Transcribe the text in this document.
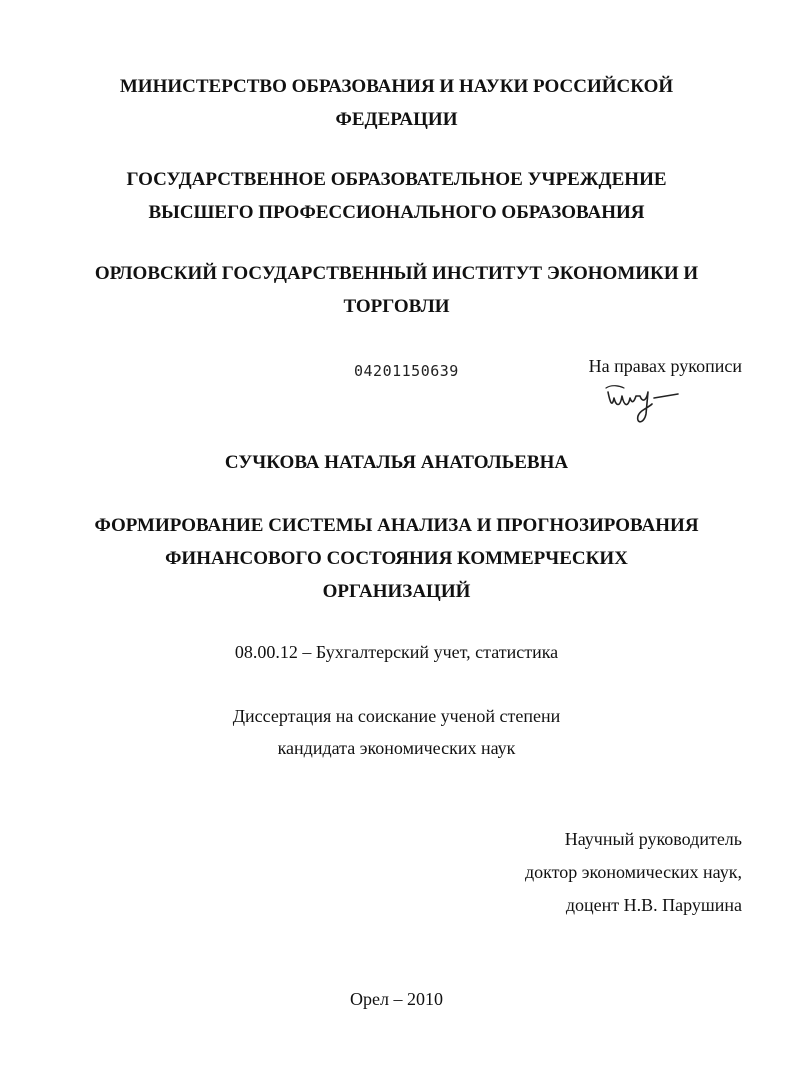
МИНИСТЕРСТВО ОБРАЗОВАНИЯ И НАУКИ РОССИЙСКОЙ
ФЕДЕРАЦИИ
ГОСУДАРСТВЕННОЕ ОБРАЗОВАТЕЛЬНОЕ УЧРЕЖДЕНИЕ
ВЫСШЕГО ПРОФЕССИОНАЛЬНОГО ОБРАЗОВАНИЯ
ОРЛОВСКИЙ ГОСУДАРСТВЕННЫЙ ИНСТИТУТ ЭКОНОМИКИ И
ТОРГОВЛИ
04201150639	На правах рукописи
СУЧКОВА НАТАЛЬЯ АНАТОЛЬЕВНА
ФОРМИРОВАНИЕ СИСТЕМЫ АНАЛИЗА И ПРОГНОЗИРОВАНИЯ
ФИНАНСОВОГО СОСТОЯНИЯ КОММЕРЧЕСКИХ
ОРГАНИЗАЦИЙ
08.00.12 – Бухгалтерский учет, статистика
Диссертация на соискание ученой степени
кандидата экономических наук
Научный руководитель
доктор экономических наук,
доцент Н.В. Парушина
Орел – 2010
